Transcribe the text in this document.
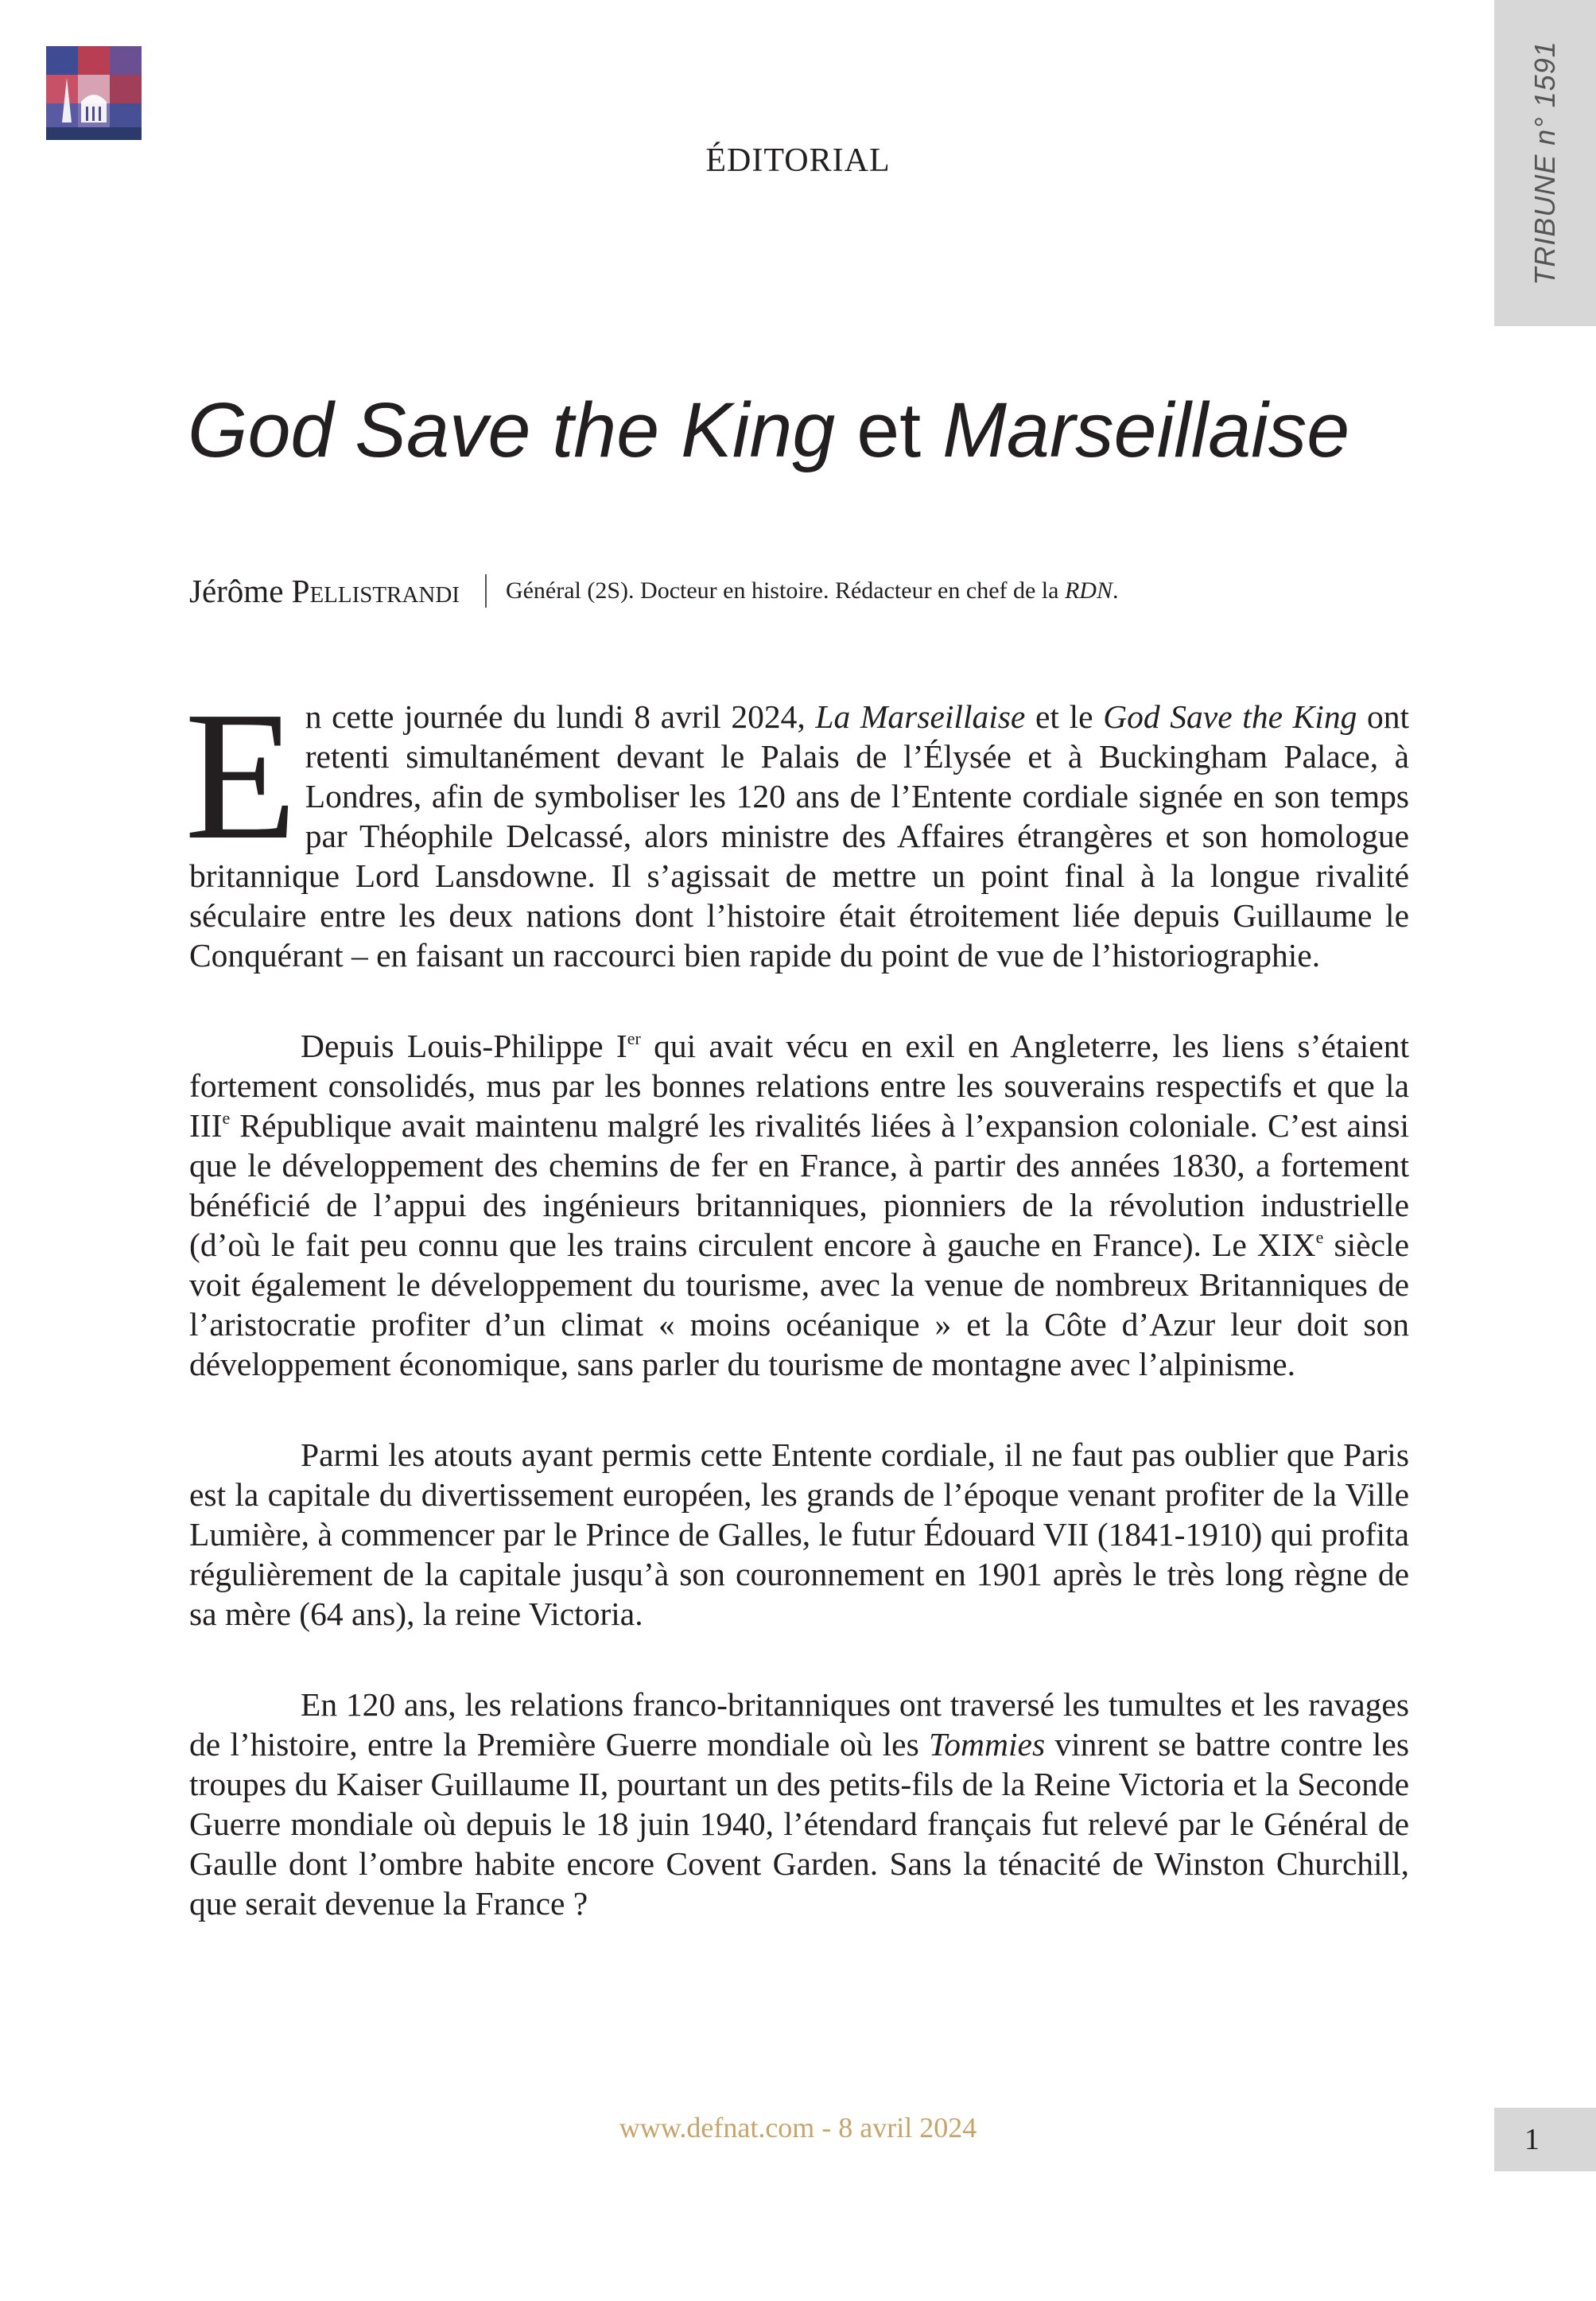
TRIBUNE n° 1591
ÉDITORIAL
God Save the King et Marseillaise
Jérôme Pellistrandi Général (2S). Docteur en histoire. Rédacteur en chef de la RDN.

En cette journée du lundi 8 avril 2024, La Marseillaise et le God Save the King ont retenti simultanément devant le Palais de l’Élysée et à Buckingham Palace, à Londres, afin de symboliser les 120 ans de l’Entente cordiale signée en son temps par Théophile Delcassé, alors ministre des Affaires étrangères et son homologue britannique Lord Lansdowne. Il s’agissait de mettre un point final à la longue rivalité séculaire entre les deux nations dont l’histoire était étroitement liée depuis Guillaume le Conquérant – en faisant un raccourci bien rapide du point de vue de l’historiographie.

Depuis Louis-Philippe Ier qui avait vécu en exil en Angleterre, les liens s’étaient fortement consolidés, mus par les bonnes relations entre les souverains respectifs et que la IIIe République avait maintenu malgré les rivalités liées à l’expansion coloniale. C’est ainsi que le développement des chemins de fer en France, à partir des années 1830, a fortement bénéficié de l’appui des ingénieurs britanniques, pionniers de la révolution industrielle (d’où le fait peu connu que les trains circulent encore à gauche en France). Le XIXe siècle voit également le développement du tourisme, avec la venue de nombreux Britanniques de l’aristocratie profiter d’un climat « moins océanique » et la Côte d’Azur leur doit son développement économique, sans parler du tourisme de montagne avec l’alpinisme.

Parmi les atouts ayant permis cette Entente cordiale, il ne faut pas oublier que Paris est la capitale du divertissement européen, les grands de l’époque venant profiter de la Ville Lumière, à commencer par le Prince de Galles, le futur Édouard VII (1841-1910) qui profita régulièrement de la capitale jusqu’à son couronnement en 1901 après le très long règne de sa mère (64 ans), la reine Victoria.

En 120 ans, les relations franco-britanniques ont traversé les tumultes et les ravages de l’histoire, entre la Première Guerre mondiale où les Tommies vinrent se battre contre les troupes du Kaiser Guillaume II, pourtant un des petits-fils de la Reine Victoria et la Seconde Guerre mondiale où depuis le 18 juin 1940, l’étendard français fut relevé par le Général de Gaulle dont l’ombre habite encore Covent Garden. Sans la ténacité de Winston Churchill, que serait devenue la France ?

www.defnat.com - 8 avril 2024	1
